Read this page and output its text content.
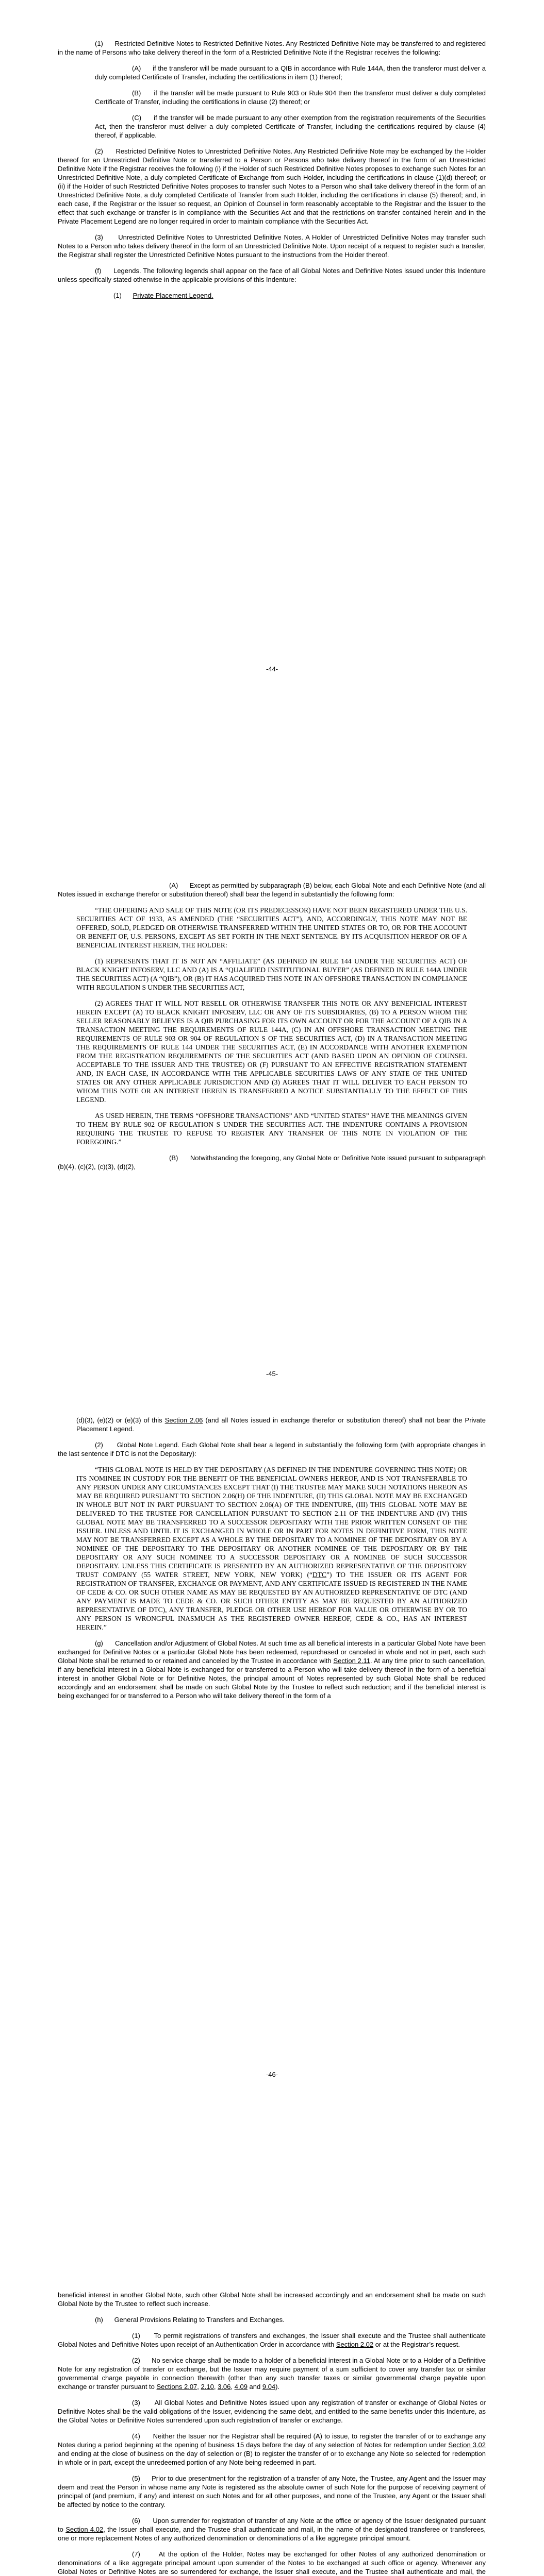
(1) Restricted Definitive Notes to Restricted Definitive Notes. Any Restricted Definitive Note may be transferred to and registered in the name of Persons who take delivery thereof in the form of a Restricted Definitive Note if the Registrar receives the following:

(A) if the transferor will be made pursuant to a QIB in accordance with Rule 144A, then the transferor must deliver a duly completed Certificate of Transfer, including the certifications in item (1) thereof;

(B) if the transfer will be made pursuant to Rule 903 or Rule 904 then the transferor must deliver a duly completed Certificate of Transfer, including the certifications in clause (2) thereof; or

(C) if the transfer will be made pursuant to any other exemption from the registration requirements of the Securities Act, then the transferor must deliver a duly completed Certificate of Transfer, including the certifications required by clause (4) thereof, if applicable.

(2) Restricted Definitive Notes to Unrestricted Definitive Notes. Any Restricted Definitive Note may be exchanged by the Holder thereof for an Unrestricted Definitive Note or transferred to a Person or Persons who take delivery thereof in the form of an Unrestricted Definitive Note if the Registrar receives the following (i) if the Holder of such Restricted Definitive Notes proposes to exchange such Notes for an Unrestricted Definitive Note, a duly completed Certificate of Exchange from such Holder, including the certifications in clause (1)(d) thereof; or (ii) if the Holder of such Restricted Definitive Notes proposes to transfer such Notes to a Person who shall take delivery thereof in the form of an Unrestricted Definitive Note, a duly completed Certificate of Transfer from such Holder, including the certifications in clause (5) thereof; and, in each case, if the Registrar or the Issuer so request, an Opinion of Counsel in form reasonably acceptable to the Registrar and the Issuer to the effect that such exchange or transfer is in compliance with the Securities Act and that the restrictions on transfer contained herein and in the Private Placement Legend are no longer required in order to maintain compliance with the Securities Act.

(3) Unrestricted Definitive Notes to Unrestricted Definitive Notes. A Holder of Unrestricted Definitive Notes may transfer such Notes to a Person who takes delivery thereof in the form of an Unrestricted Definitive Note. Upon receipt of a request to register such a transfer, the Registrar shall register the Unrestricted Definitive Notes pursuant to the instructions from the Holder thereof.

(f) Legends. The following legends shall appear on the face of all Global Notes and Definitive Notes issued under this Indenture unless specifically stated otherwise in the applicable provisions of this Indenture:

(1) Private Placement Legend.

-44-

(A) Except as permitted by subparagraph (B) below, each Global Note and each Definitive Note (and all Notes issued in exchange therefor or substitution thereof) shall bear the legend in substantially the following form:

“THE OFFERING AND SALE OF THIS NOTE (OR ITS PREDECESSOR) HAVE NOT BEEN REGISTERED UNDER THE U.S. SECURITIES ACT OF 1933, AS AMENDED (THE “SECURITIES ACT”), AND, ACCORDINGLY, THIS NOTE MAY NOT BE OFFERED, SOLD, PLEDGED OR OTHERWISE TRANSFERRED WITHIN THE UNITED STATES OR TO, OR FOR THE ACCOUNT OR BENEFIT OF, U.S. PERSONS, EXCEPT AS SET FORTH IN THE NEXT SENTENCE. BY ITS ACQUISITION HEREOF OR OF A BENEFICIAL INTEREST HEREIN, THE HOLDER:

(1) REPRESENTS THAT IT IS NOT AN “AFFILIATE” (AS DEFINED IN RULE 144 UNDER THE SECURITIES ACT) OF BLACK KNIGHT INFOSERV, LLC AND (A) IS A “QUALIFIED INSTITUTIONAL BUYER” (AS DEFINED IN RULE 144A UNDER THE SECURITIES ACT) (A “QIB”), OR (B) IT HAS ACQUIRED THIS NOTE IN AN OFFSHORE TRANSACTION IN COMPLIANCE WITH REGULATION S UNDER THE SECURITIES ACT,

(2) AGREES THAT IT WILL NOT RESELL OR OTHERWISE TRANSFER THIS NOTE OR ANY BENEFICIAL INTEREST HEREIN EXCEPT (A) TO BLACK KNIGHT INFOSERV, LLC OR ANY OF ITS SUBSIDIARIES, (B) TO A PERSON WHOM THE SELLER REASONABLY BELIEVES IS A QIB PURCHASING FOR ITS OWN ACCOUNT OR FOR THE ACCOUNT OF A QIB IN A TRANSACTION MEETING THE REQUIREMENTS OF RULE 144A, (C) IN AN OFFSHORE TRANSACTION MEETING THE REQUIREMENTS OF RULE 903 OR 904 OF REGULATION S OF THE SECURITIES ACT, (D) IN A TRANSACTION MEETING THE REQUIREMENTS OF RULE 144 UNDER THE SECURITIES ACT, (E) IN ACCORDANCE WITH ANOTHER EXEMPTION FROM THE REGISTRATION REQUIREMENTS OF THE SECURITIES ACT (AND BASED UPON AN OPINION OF COUNSEL ACCEPTABLE TO THE ISSUER AND THE TRUSTEE) OR (F) PURSUANT TO AN EFFECTIVE REGISTRATION STATEMENT AND, IN EACH CASE, IN ACCORDANCE WITH THE APPLICABLE SECURITIES LAWS OF ANY STATE OF THE UNITED STATES OR ANY OTHER APPLICABLE JURISDICTION AND (3) AGREES THAT IT WILL DELIVER TO EACH PERSON TO WHOM THIS NOTE OR AN INTEREST HEREIN IS TRANSFERRED A NOTICE SUBSTANTIALLY TO THE EFFECT OF THIS LEGEND.

AS USED HEREIN, THE TERMS “OFFSHORE TRANSACTIONS” AND “UNITED STATES” HAVE THE MEANINGS GIVEN TO THEM BY RULE 902 OF REGULATION S UNDER THE SECURITIES ACT. THE INDENTURE CONTAINS A PROVISION REQUIRING THE TRUSTEE TO REFUSE TO REGISTER ANY TRANSFER OF THIS NOTE IN VIOLATION OF THE FOREGOING.”

(B) Notwithstanding the foregoing, any Global Note or Definitive Note issued pursuant to subparagraph (b)(4), (c)(2), (c)(3), (d)(2),

-45-

(d)(3), (e)(2) or (e)(3) of this Section 2.06 (and all Notes issued in exchange therefor or substitution thereof) shall not bear the Private Placement Legend.

(2) Global Note Legend. Each Global Note shall bear a legend in substantially the following form (with appropriate changes in the last sentence if DTC is not the Depositary):

“THIS GLOBAL NOTE IS HELD BY THE DEPOSITARY (AS DEFINED IN THE INDENTURE GOVERNING THIS NOTE) OR ITS NOMINEE IN CUSTODY FOR THE BENEFIT OF THE BENEFICIAL OWNERS HEREOF, AND IS NOT TRANSFERABLE TO ANY PERSON UNDER ANY CIRCUMSTANCES EXCEPT THAT (I) THE TRUSTEE MAY MAKE SUCH NOTATIONS HEREON AS MAY BE REQUIRED PURSUANT TO SECTION 2.06(H) OF THE INDENTURE, (II) THIS GLOBAL NOTE MAY BE EXCHANGED IN WHOLE BUT NOT IN PART PURSUANT TO SECTION 2.06(A) OF THE INDENTURE, (III) THIS GLOBAL NOTE MAY BE DELIVERED TO THE TRUSTEE FOR CANCELLATION PURSUANT TO SECTION 2.11 OF THE INDENTURE AND (IV) THIS GLOBAL NOTE MAY BE TRANSFERRED TO A SUCCESSOR DEPOSITARY WITH THE PRIOR WRITTEN CONSENT OF THE ISSUER. UNLESS AND UNTIL IT IS EXCHANGED IN WHOLE OR IN PART FOR NOTES IN DEFINITIVE FORM, THIS NOTE MAY NOT BE TRANSFERRED EXCEPT AS A WHOLE BY THE DEPOSITARY TO A NOMINEE OF THE DEPOSITARY OR BY A NOMINEE OF THE DEPOSITARY TO THE DEPOSITARY OR ANOTHER NOMINEE OF THE DEPOSITARY OR BY THE DEPOSITARY OR ANY SUCH NOMINEE TO A SUCCESSOR DEPOSITARY OR A NOMINEE OF SUCH SUCCESSOR DEPOSITARY. UNLESS THIS CERTIFICATE IS PRESENTED BY AN AUTHORIZED REPRESENTATIVE OF THE DEPOSITORY TRUST COMPANY (55 WATER STREET, NEW YORK, NEW YORK) (“DTC”) TO THE ISSUER OR ITS AGENT FOR REGISTRATION OF TRANSFER, EXCHANGE OR PAYMENT, AND ANY CERTIFICATE ISSUED IS REGISTERED IN THE NAME OF CEDE & CO. OR SUCH OTHER NAME AS MAY BE REQUESTED BY AN AUTHORIZED REPRESENTATIVE OF DTC (AND ANY PAYMENT IS MADE TO CEDE & CO. OR SUCH OTHER ENTITY AS MAY BE REQUESTED BY AN AUTHORIZED REPRESENTATIVE OF DTC), ANY TRANSFER, PLEDGE OR OTHER USE HEREOF FOR VALUE OR OTHERWISE BY OR TO ANY PERSON IS WRONGFUL INASMUCH AS THE REGISTERED OWNER HEREOF, CEDE & CO., HAS AN INTEREST HEREIN.”

(g) Cancellation and/or Adjustment of Global Notes. At such time as all beneficial interests in a particular Global Note have been exchanged for Definitive Notes or a particular Global Note has been redeemed, repurchased or canceled in whole and not in part, each such Global Note shall be returned to or retained and canceled by the Trustee in accordance with Section 2.11. At any time prior to such cancellation, if any beneficial interest in a Global Note is exchanged for or transferred to a Person who will take delivery thereof in the form of a beneficial interest in another Global Note or for Definitive Notes, the principal amount of Notes represented by such Global Note shall be reduced accordingly and an endorsement shall be made on such Global Note by the Trustee to reflect such reduction; and if the beneficial interest is being exchanged for or transferred to a Person who will take delivery thereof in the form of a

-46-

beneficial interest in another Global Note, such other Global Note shall be increased accordingly and an endorsement shall be made on such Global Note by the Trustee to reflect such increase.

(h) General Provisions Relating to Transfers and Exchanges.

(1) To permit registrations of transfers and exchanges, the Issuer shall execute and the Trustee shall authenticate Global Notes and Definitive Notes upon receipt of an Authentication Order in accordance with Section 2.02 or at the Registrar’s request.

(2) No service charge shall be made to a holder of a beneficial interest in a Global Note or to a Holder of a Definitive Note for any registration of transfer or exchange, but the Issuer may require payment of a sum sufficient to cover any transfer tax or similar governmental charge payable in connection therewith (other than any such transfer taxes or similar governmental charge payable upon exchange or transfer pursuant to Sections 2.07, 2.10, 3.06, 4.09 and 9.04).

(3) All Global Notes and Definitive Notes issued upon any registration of transfer or exchange of Global Notes or Definitive Notes shall be the valid obligations of the Issuer, evidencing the same debt, and entitled to the same benefits under this Indenture, as the Global Notes or Definitive Notes surrendered upon such registration of transfer or exchange.

(4) Neither the Issuer nor the Registrar shall be required (A) to issue, to register the transfer of or to exchange any Notes during a period beginning at the opening of business 15 days before the day of any selection of Notes for redemption under Section 3.02 and ending at the close of business on the day of selection or (B) to register the transfer of or to exchange any Note so selected for redemption in whole or in part, except the unredeemed portion of any Note being redeemed in part.

(5) Prior to due presentment for the registration of a transfer of any Note, the Trustee, any Agent and the Issuer may deem and treat the Person in whose name any Note is registered as the absolute owner of such Note for the purpose of receiving payment of principal of (and premium, if any) and interest on such Notes and for all other purposes, and none of the Trustee, any Agent or the Issuer shall be affected by notice to the contrary.

(6) Upon surrender for registration of transfer of any Note at the office or agency of the Issuer designated pursuant to Section 4.02, the Issuer shall execute, and the Trustee shall authenticate and mail, in the name of the designated transferee or transferees, one or more replacement Notes of any authorized denomination or denominations of a like aggregate principal amount.

(7)	At the option of the Holder, Notes may be exchanged for other Notes of any authorized denomination or denominations of a like aggregate principal amount upon surrender of the Notes to be exchanged at such office or agency. Whenever any Global Notes or Definitive Notes are so surrendered for exchange, the Issuer shall execute, and the Trustee shall authenticate and mail, the
